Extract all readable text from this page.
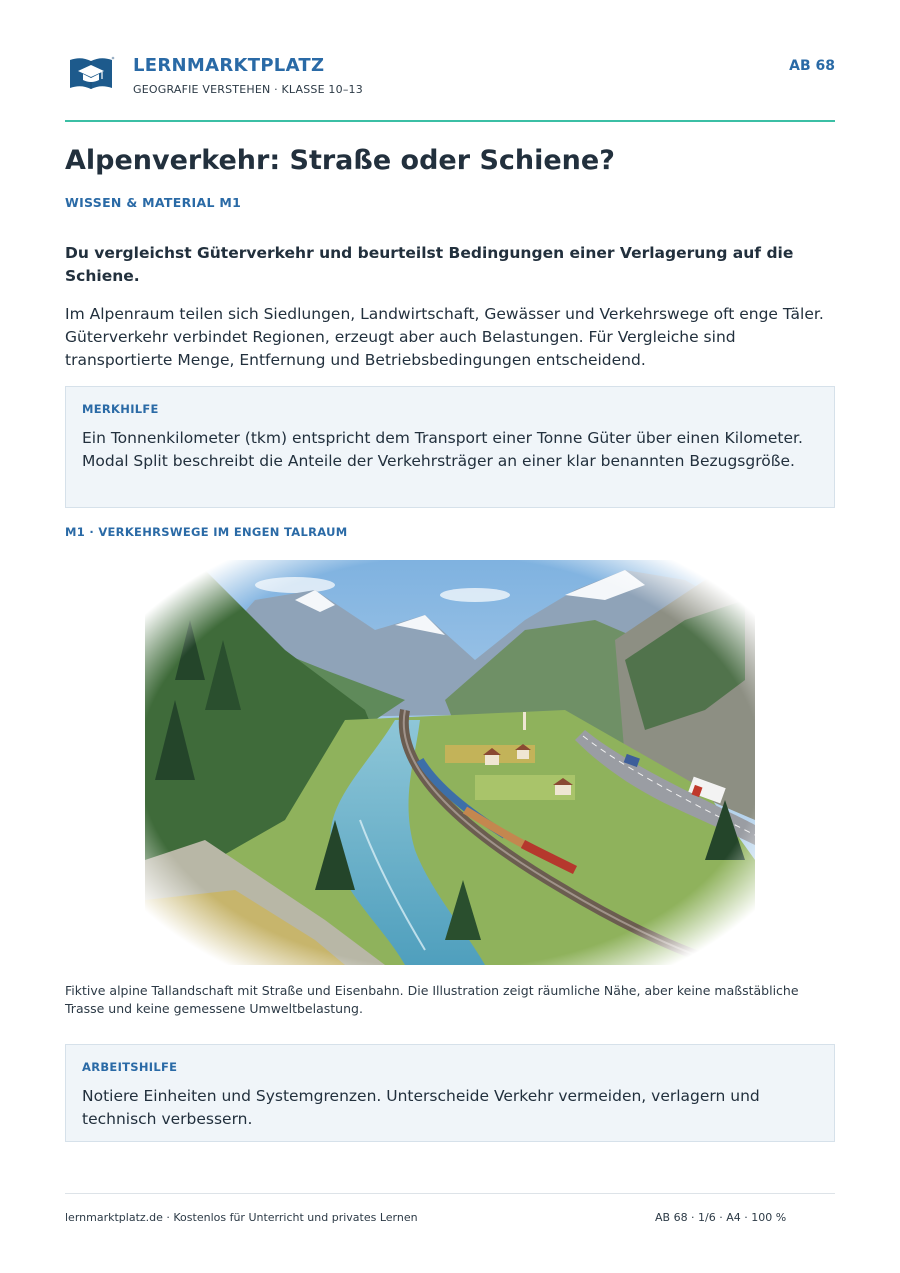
LERNMARKTPLATZ
GEOGRAFIE VERSTEHEN · KLASSE 10–13
AB 68
Alpenverkehr: Straße oder Schiene?
WISSEN & MATERIAL M1

Du vergleichst Güterverkehr und beurteilst Bedingungen einer Verlagerung auf die Schiene.

Im Alpenraum teilen sich Siedlungen, Landwirtschaft, Gewässer und Verkehrswege oft enge Täler. Güterverkehr verbindet Regionen, erzeugt aber auch Belastungen. Für Vergleiche sind transportierte Menge, Entfernung und Betriebsbedingungen entscheidend.

MERKHILFE

Ein Tonnenkilometer (tkm) entspricht dem Transport einer Tonne Güter über einen Kilometer. Modal Split beschreibt die Anteile der Verkehrsträger an einer klar benannten Bezugsgröße.

M1 · VERKEHRSWEGE IM ENGEN TALRAUM

Fiktive alpine Tallandschaft mit Straße und Eisenbahn. Die Illustration zeigt räumliche Nähe, aber keine maßstäbliche Trasse und keine gemessene Umweltbelastung.

ARBEITSHILFE

Notiere Einheiten und Systemgrenzen. Unterscheide Verkehr vermeiden, verlagern und technisch verbessern.

lernmarktplatz.de · Kostenlos für Unterricht und privates Lernen	AB 68 · 1/6 · A4 · 100 %
